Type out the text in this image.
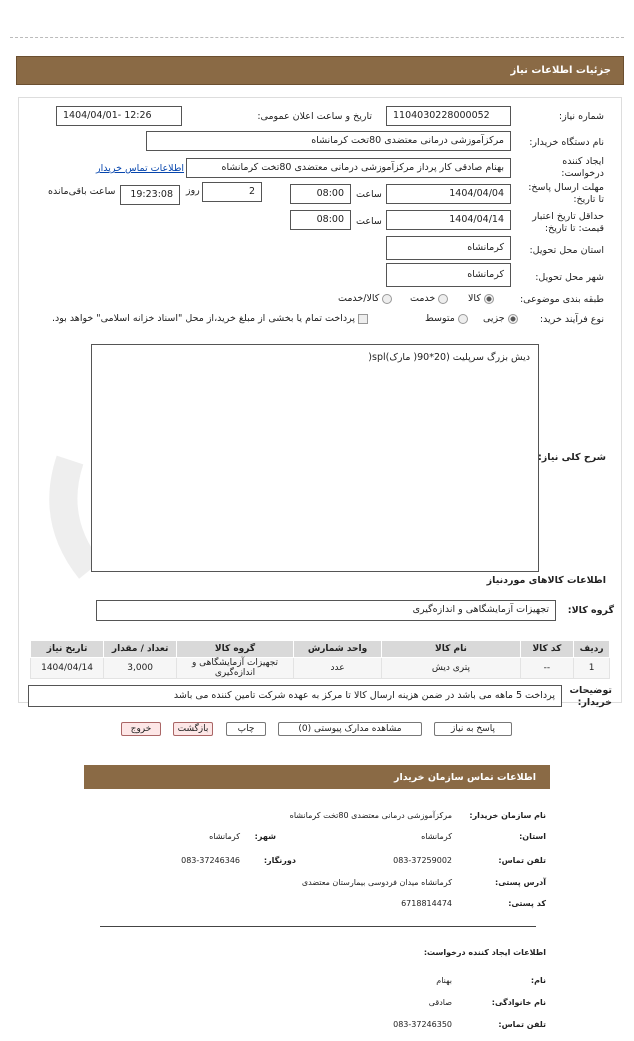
جزئیات اطلاعات نیاز
شماره نیاز:
1104030228000052
تاریخ و ساعت اعلان عمومی:
1404/04/01- 12:26
نام دستگاه خریدار:
مرکزآموزشی درمانی معتضدی 80تخت کرمانشاه
ایجاد کننده درخواست:
بهنام صادقی کار پرداز مرکزآموزشی درمانی معتضدی 80تخت کرمانشاه
اطلاعات تماس خریدار
مهلت ارسال پاسخ: تا تاریخ:
1404/04/04
ساعت
08:00
2
روز
19:23:08
ساعت باقی‌مانده
حداقل تاریخ اعتبار قیمت: تا تاریخ:
1404/04/14
ساعت
08:00
استان محل تحویل:
کرمانشاه
شهر محل تحویل:
کرمانشاه
طبقه بندی موضوعی:
کالا
خدمت
کالا/خدمت
نوع فرآیند خرید:
جزیی
متوسط
پرداخت تمام یا بخشی از مبلغ خرید،از محل "اسناد خزانه اسلامی" خواهد بود.
دیش بزرگ سرپلیت (20*90( مارک)spl(
شرح کلی نیاز:
اطلاعات کالاهای موردنیاز
گروه کالا:
تجهیزات آزمایشگاهی و اندازه‌گیری
ردیف	کد کالا	نام کالا	واحد شمارش	گروه کالا	تعداد / مقدار	تاریخ نیاز
1	--	پتری دیش	عدد	تجهیزات آزمایشگاهی و اندازه‌گیری	3,000	1404/04/14
توضیحات خریدار:
پرداخت 5 ماهه می باشد در ضمن هزینه ارسال کالا تا مرکز به عهده شرکت تامین کننده می باشد
پاسخ به نیاز
مشاهده مدارک پیوستی (0)
چاپ
بازگشت
خروج
اطلاعات تماس سازمان خریدار
نام سازمان خریدار:
مرکزآموزشی درمانی معتضدی 80تخت کرمانشاه
استان:
کرمانشاه
شهر:
کرمانشاه
تلفن تماس:
083-37259002
دورنگار:
083-37246346
آدرس پستی:
کرمانشاه میدان فردوسی بیمارستان معتضدی
کد پستی:
6718814474
اطلاعات ایجاد کننده درخواست:
نام:
بهنام
نام خانوادگی:
صادقی
تلفن تماس:
083-37246350
